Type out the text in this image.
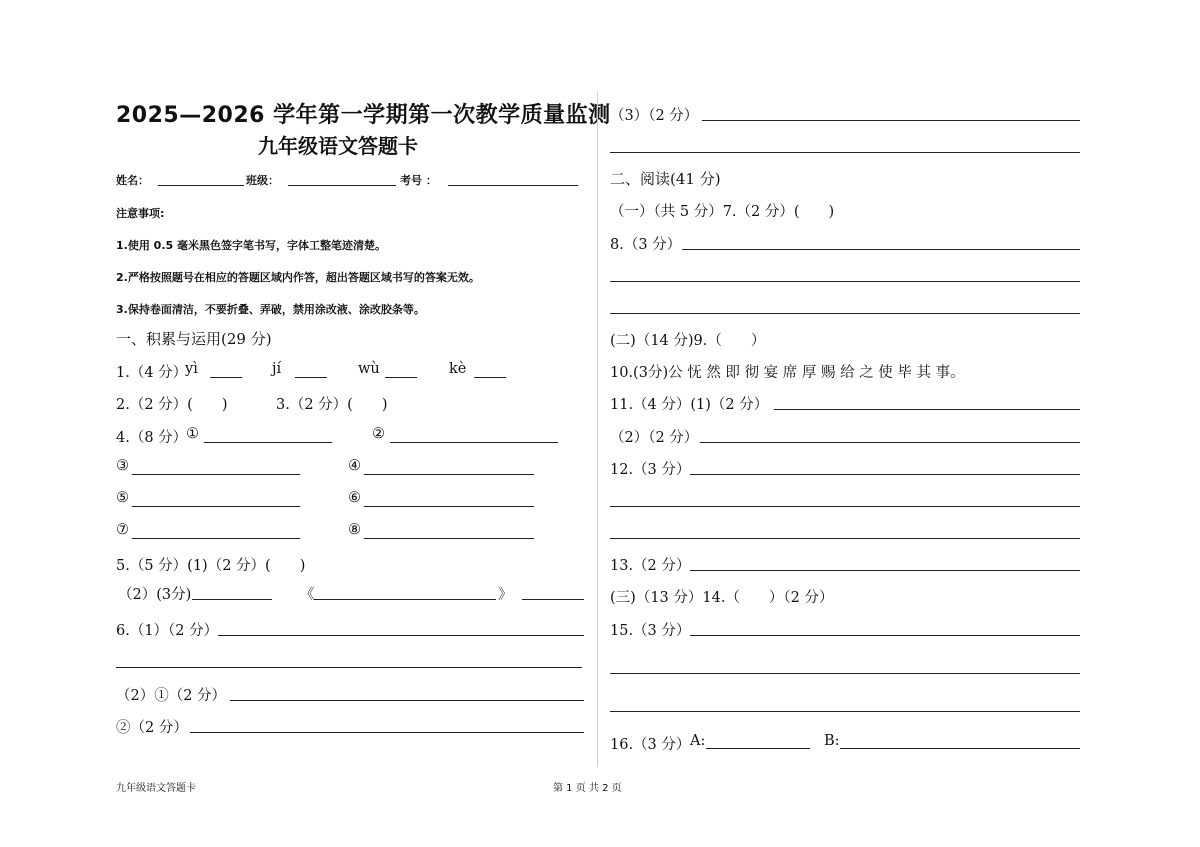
2025—2026 学年第一学期第一次教学质量监测
九年级语文答题卡
姓名：	班级：	考号 ：
注意事项:
1.使用 0.5 毫米黑色签字笔书写，字体工整笔迹清楚。
2.严格按照题号在相应的答题区域内作答，超出答题区域书写的答案无效。
3.保持卷面清洁，不要折叠、弄破，禁用涂改液、涂改胶条等。
一、积累与运用(29 分)
1.（4 分）
yì	jí	wù	kè
2.（2 分）(　　)	3.（2 分）(　　)
4.（8 分）
①	②
③	④
⑤	⑥
⑦	⑧
5.（5 分）(1)（2 分）(　　)
（2）(3分)	《	》
6.（1）（2 分）
（2）①（2 分）
②（2 分）
（3）（2 分）
二、阅读(41 分)
（一）（共 5 分）7.（2 分）(　　)
8.（3 分）
(二)（14 分)9.（　　）
10.(3分)公 怃 然 即 彻 宴 席 厚 赐 给 之 使 毕 其 事。
11.（4 分）(1)（2 分）
（2）（2 分）
12.（3 分）
13.（2 分）
(三)（13 分）14.（　　）（2 分）
15.（3 分）
16.（3 分） A:	B:
九年级语文答题卡	第 1 页 共 2 页
